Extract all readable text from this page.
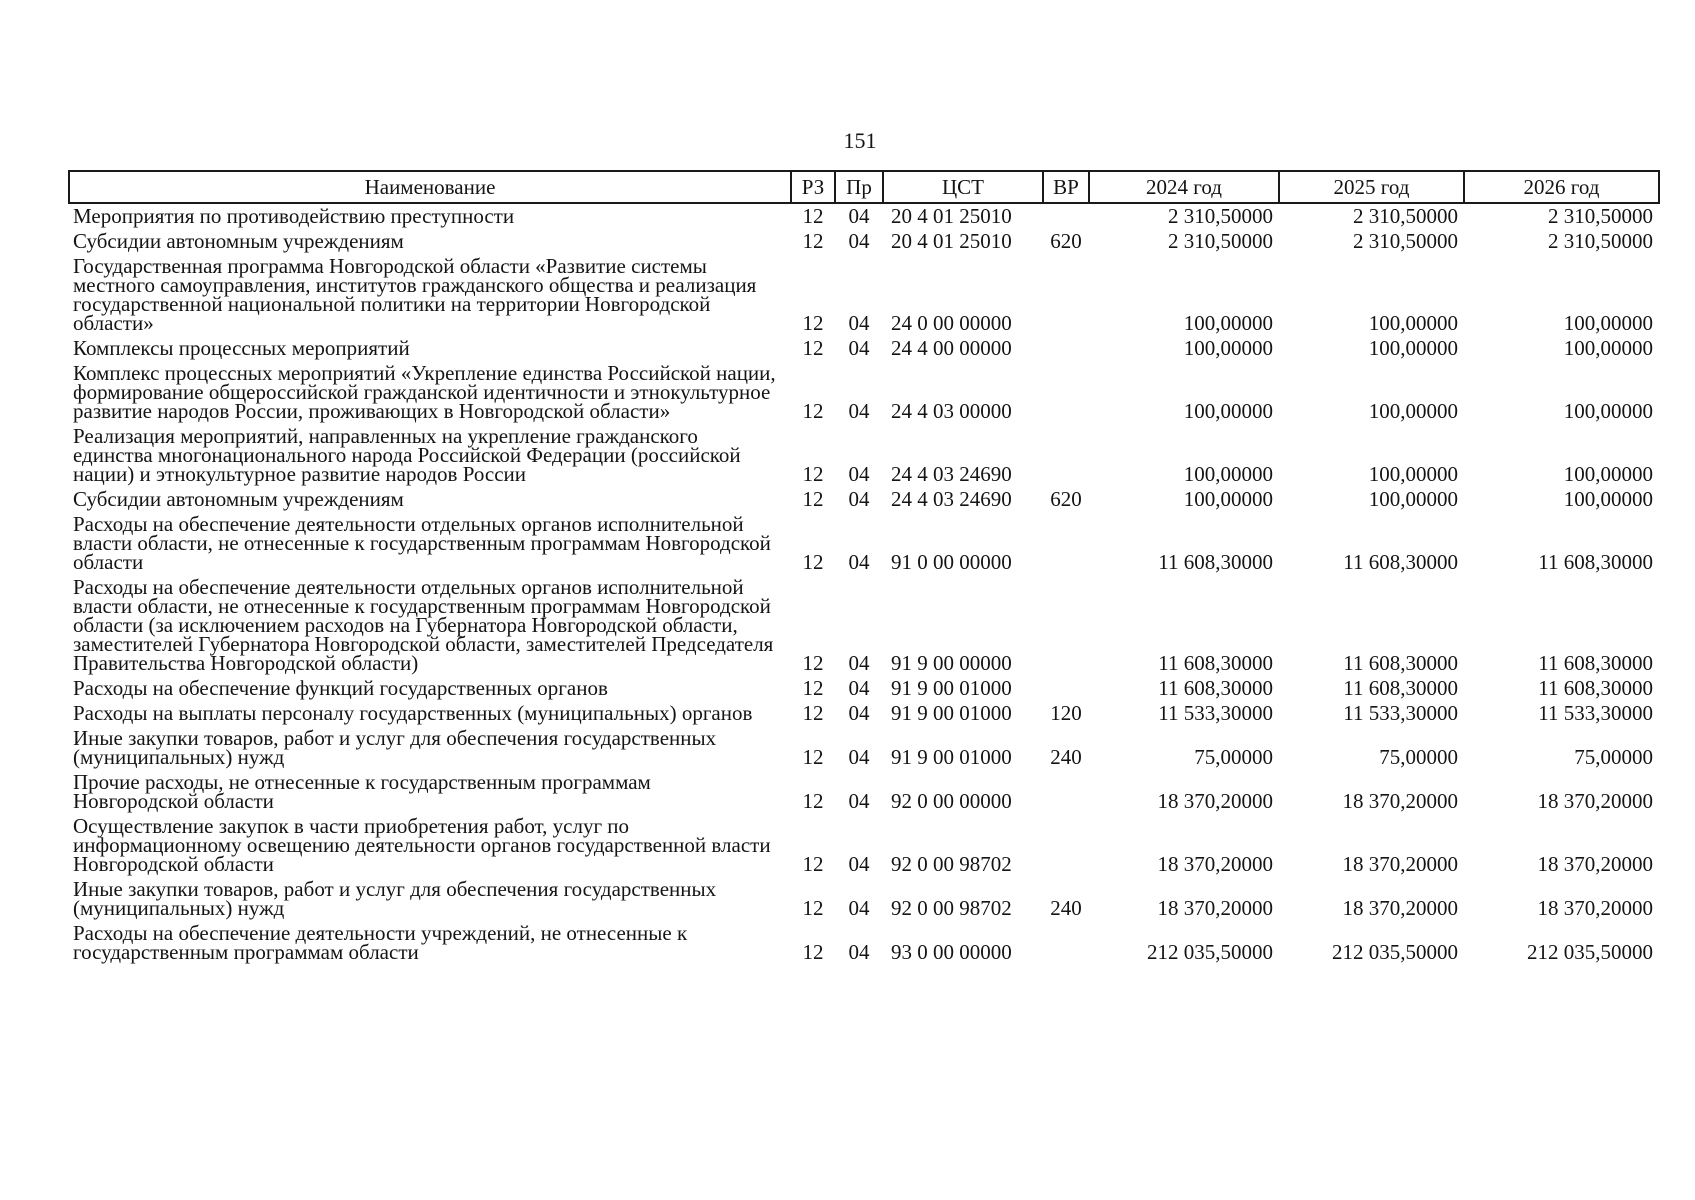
151
Наименование	РЗ	Пр	ЦСТ	ВР	2024 год	2025 год	2026 год
Мероприятия по противодействию преступности	12	04	20 4 01 25010		2 310,50000	2 310,50000	2 310,50000
Субсидии автономным учреждениям	12	04	20 4 01 25010	620	2 310,50000	2 310,50000	2 310,50000
Государственная программа Новгородской области «Развитие системы местного самоуправления, институтов гражданского общества и реализация государственной национальной политики на территории Новгородской области»	12	04	24 0 00 00000		100,00000	100,00000	100,00000
Комплексы процессных мероприятий	12	04	24 4 00 00000		100,00000	100,00000	100,00000
Комплекс процессных мероприятий «Укрепление единства Российской нации, формирование общероссийской гражданской идентичности и этнокультурное развитие народов России, проживающих в Новгородской области»	12	04	24 4 03 00000		100,00000	100,00000	100,00000
Реализация мероприятий, направленных на укрепление гражданского единства многонационального народа Российской Федерации (российской нации) и этнокультурное развитие народов России	12	04	24 4 03 24690		100,00000	100,00000	100,00000
Субсидии автономным учреждениям	12	04	24 4 03 24690	620	100,00000	100,00000	100,00000
Расходы на обеспечение деятельности отдельных органов исполнительной власти области, не отнесенные к государственным программам Новгородской области	12	04	91 0 00 00000		11 608,30000	11 608,30000	11 608,30000
Расходы на обеспечение деятельности отдельных органов исполнительной власти области, не отнесенные к государственным программам Новгородской области (за исключением расходов на Губернатора Новгородской области, заместителей Губернатора Новгородской области, заместителей Председателя Правительства Новгородской области)	12	04	91 9 00 00000		11 608,30000	11 608,30000	11 608,30000
Расходы на обеспечение функций государственных органов	12	04	91 9 00 01000		11 608,30000	11 608,30000	11 608,30000
Расходы на выплаты персоналу государственных (муниципальных) органов	12	04	91 9 00 01000	120	11 533,30000	11 533,30000	11 533,30000
Иные закупки товаров, работ и услуг для обеспечения государственных (муниципальных) нужд	12	04	91 9 00 01000	240	75,00000	75,00000	75,00000
Прочие расходы, не отнесенные к государственным программам Новгородской области	12	04	92 0 00 00000		18 370,20000	18 370,20000	18 370,20000
Осуществление закупок в части приобретения работ, услуг по информационному освещению деятельности органов государственной власти Новгородской области	12	04	92 0 00 98702		18 370,20000	18 370,20000	18 370,20000
Иные закупки товаров, работ и услуг для обеспечения государственных (муниципальных) нужд	12	04	92 0 00 98702	240	18 370,20000	18 370,20000	18 370,20000
Расходы на обеспечение деятельности учреждений, не отнесенные к государственным программам области	12	04	93 0 00 00000		212 035,50000	212 035,50000	212 035,50000
